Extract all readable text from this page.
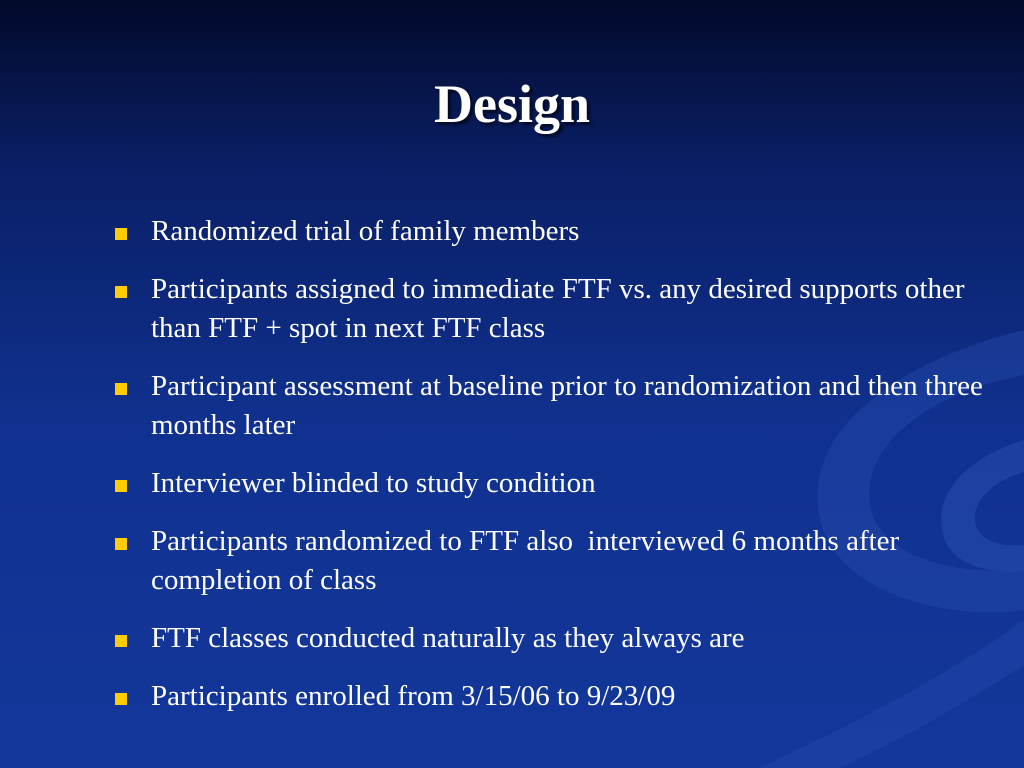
Design
Randomized trial of family members
Participants assigned to immediate FTF vs. any desired supports other than FTF + spot in next FTF class
Participant assessment at baseline prior to randomization and then three months later
Interviewer blinded to study condition
Participants randomized to FTF also  interviewed 6 months after completion of class
FTF classes conducted naturally as they always are
Participants enrolled from 3/15/06 to 9/23/09
